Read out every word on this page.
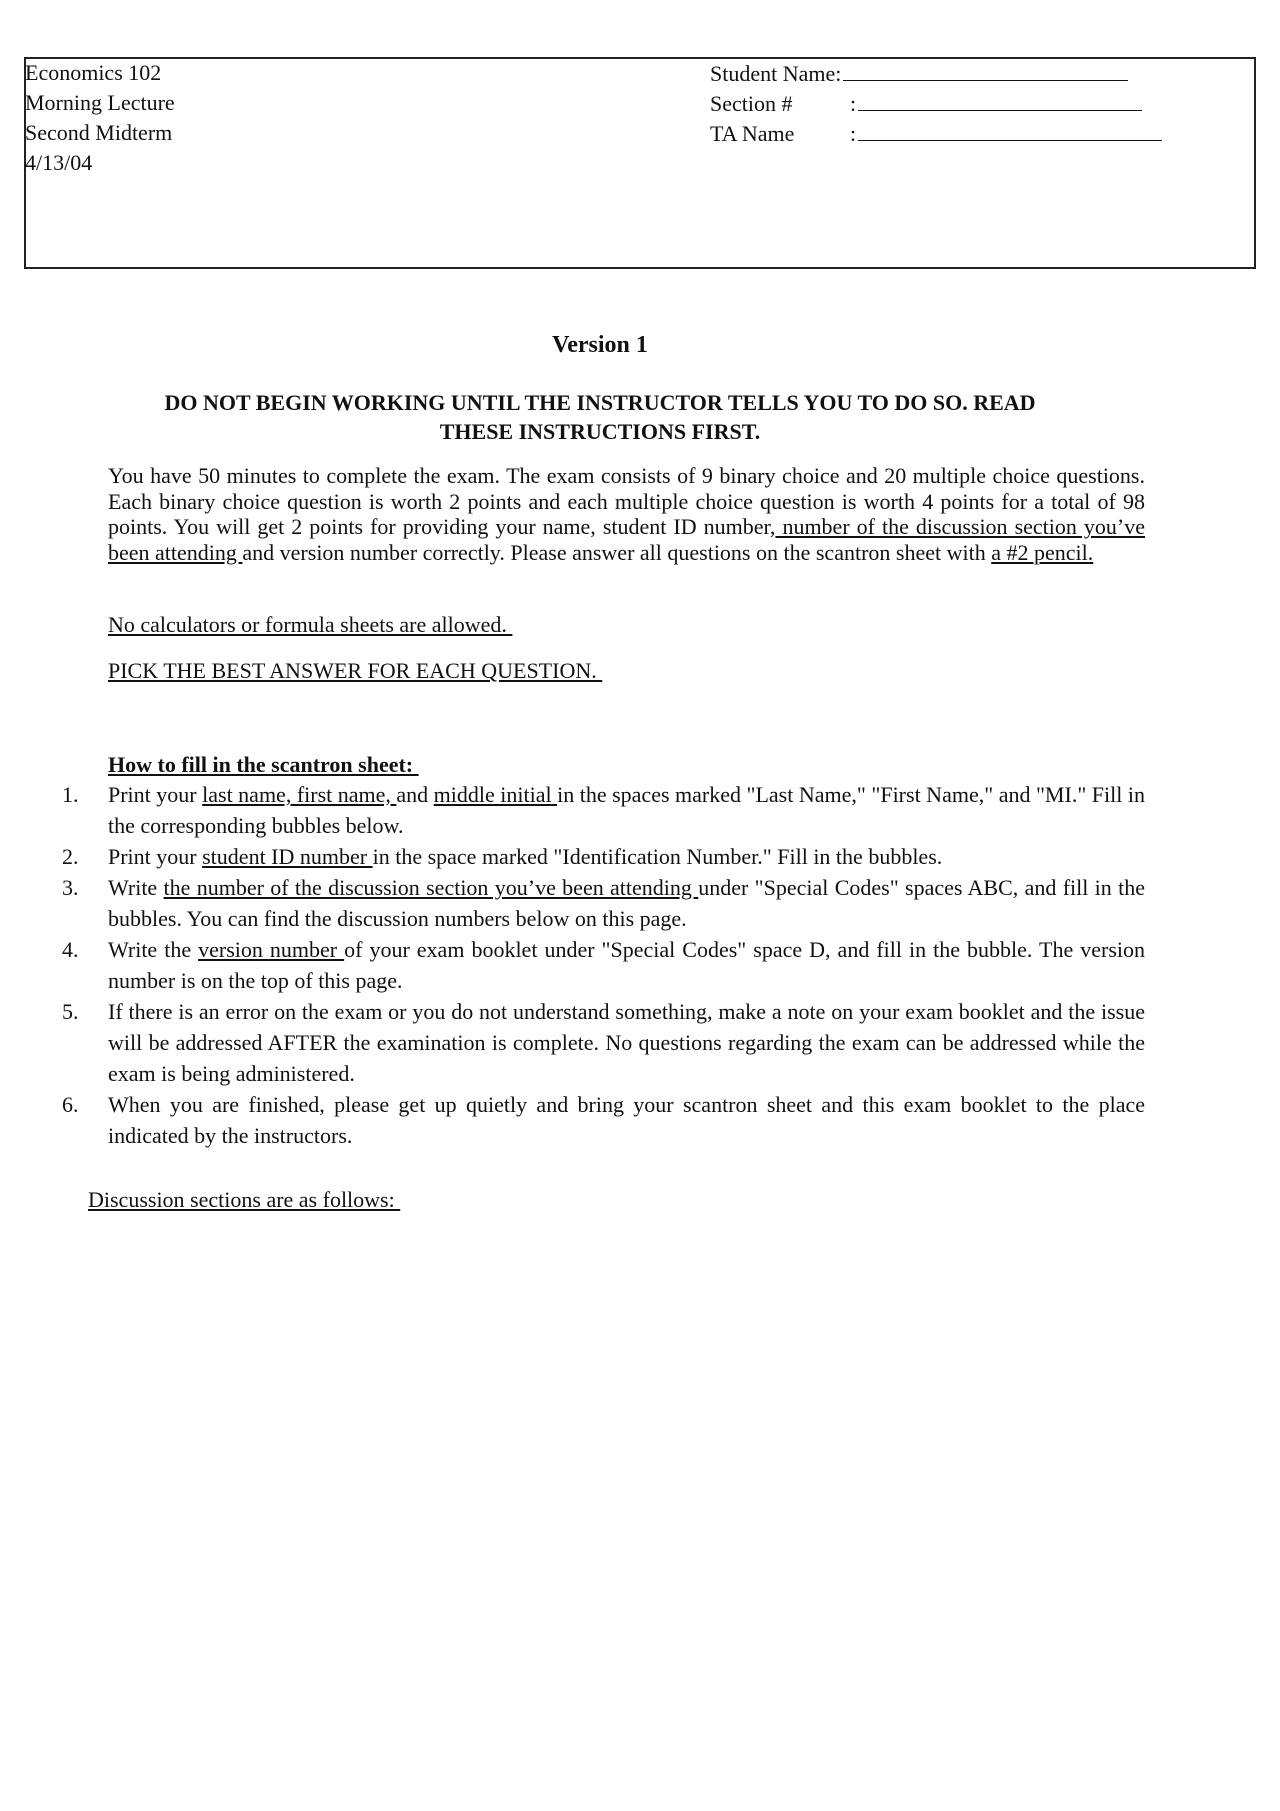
Economics 102
Morning Lecture
Second Midterm
4/13/04
Student Name :
Section #	:
TA Name	:
Version 1
DO NOT BEGIN WORKING UNTIL THE INSTRUCTOR TELLS YOU TO DO SO. READ
THESE INSTRUCTIONS FIRST.
You have 50 minutes to complete the exam. The exam consists of 9 binary choice and 20 multiple choice questions. Each binary choice question is worth 2 points and each multiple choice question is worth 4 points for a total of 98 points. You will get 2 points for providing your name, student ID number, number of the discussion section you’ve been attending and version number correctly. Please answer all questions on the scantron sheet with a #2 pencil.
No calculators or formula sheets are allowed.
PICK THE BEST ANSWER FOR EACH QUESTION.
How to fill in the scantron sheet:
1.	Print your last name, first name, and middle initial in the spaces marked "Last Name," "First Name," and "MI." Fill in the corresponding bubbles below.
2.	Print your student ID number in the space marked "Identification Number." Fill in the bubbles.
3.	Write the number of the discussion section you’ve been attending under "Special Codes" spaces ABC, and fill in the bubbles. You can find the discussion numbers below on this page.
4.	Write the version number of your exam booklet under "Special Codes" space D, and fill in the bubble. The version number is on the top of this page.
5.	If there is an error on the exam or you do not understand something, make a note on your exam booklet and the issue will be addressed AFTER the examination is complete. No questions regarding the exam can be addressed while the exam is being administered.
6.	When you are finished, please get up quietly and bring your scantron sheet and this exam booklet to the place indicated by the instructors.
Discussion sections are as follows:
